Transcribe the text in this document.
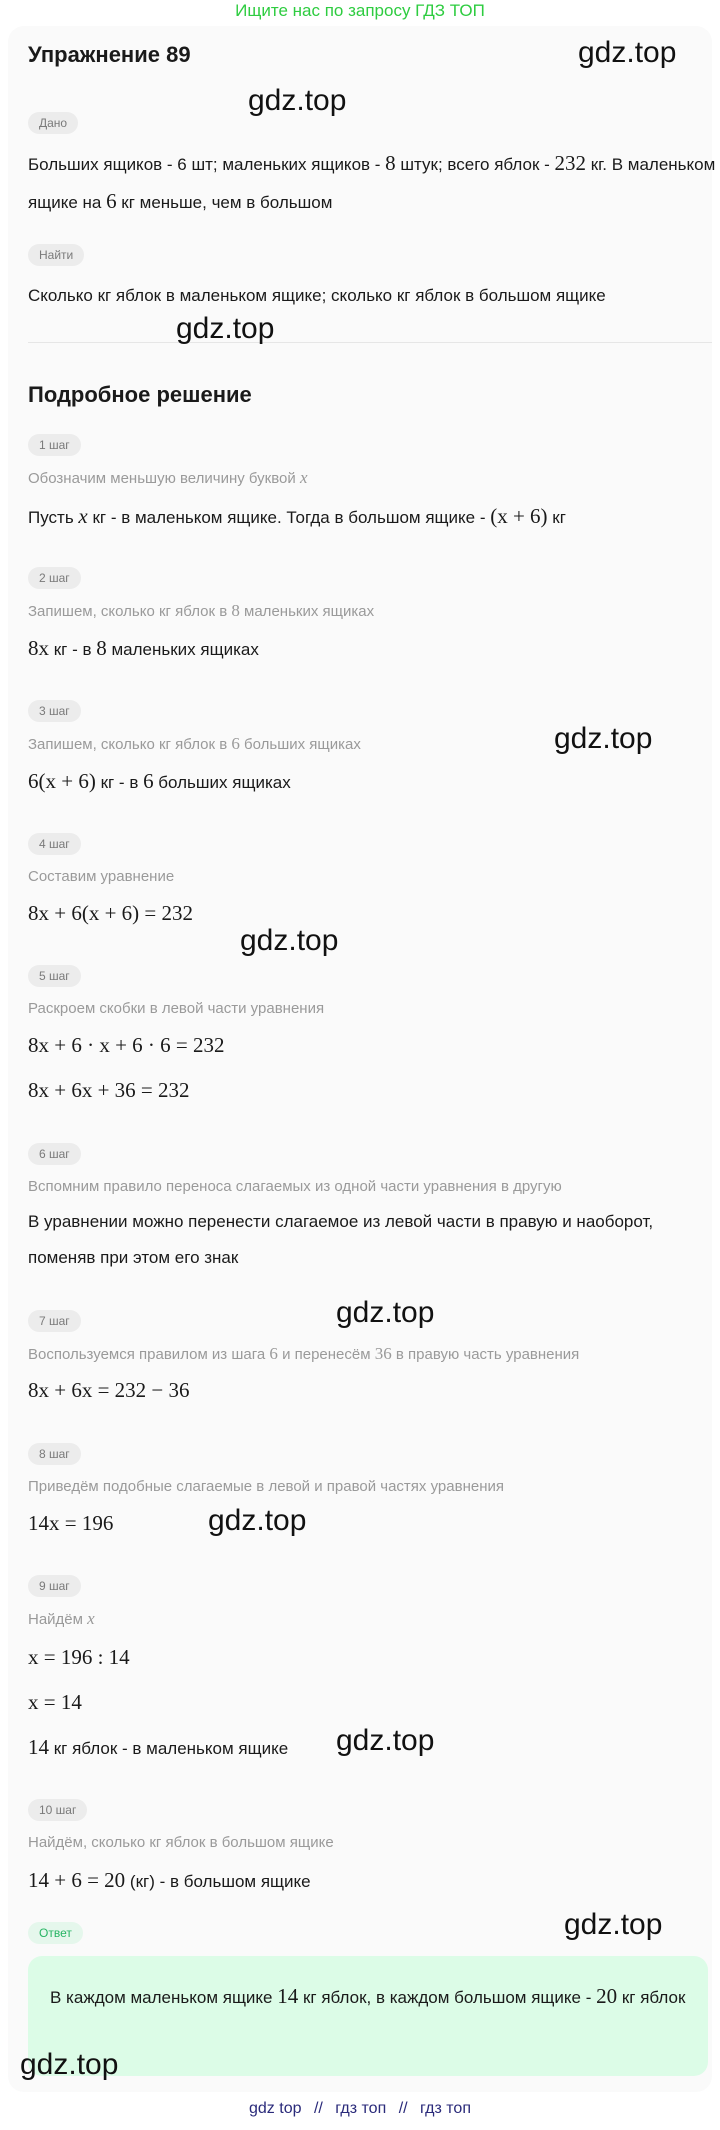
Ищите нас по запросу ГДЗ ТОП
Упражнение 89
Дано
Больших ящиков - 6 шт; маленьких ящиков - 8 штук; всего яблок - 232 кг. В маленьком ящике на 6 кг меньше, чем в большом
Найти
Сколько кг яблок в маленьком ящике; сколько кг яблок в большом ящике
Подробное решение
1 шаг
Обозначим меньшую величину буквой x
Пусть x кг - в маленьком ящике. Тогда в большом ящике - (x + 6) кг
2 шаг
Запишем, сколько кг яблок в 8 маленьких ящиках
8x кг - в 8 маленьких ящиках
3 шаг
Запишем, сколько кг яблок в 6 больших ящиках
6(x + 6) кг - в 6 больших ящиках
4 шаг
Составим уравнение
8x + 6(x + 6) = 232
5 шаг
Раскроем скобки в левой части уравнения
8x + 6 · x + 6 · 6 = 232
8x + 6x + 36 = 232
6 шаг
Вспомним правило переноса слагаемых из одной части уравнения в другую
В уравнении можно перенести слагаемое из левой части в правую и наоборот, поменяв при этом его знак
7 шаг
Воспользуемся правилом из шага 6 и перенесём 36 в правую часть уравнения
8x + 6x = 232 − 36
8 шаг
Приведём подобные слагаемые в левой и правой частях уравнения
14x = 196
9 шаг
Найдём x
x = 196 : 14
x = 14
14 кг яблок - в маленьком ящике
10 шаг
Найдём, сколько кг яблок в большом ящике
14 + 6 = 20 (кг) - в большом ящике
Ответ
В каждом маленьком ящике 14 кг яблок, в каждом большом ящике - 20 кг яблок
gdz.top
gdz.top
gdz.top
gdz.top
gdz.top
gdz.top
gdz.top
gdz.top
gdz.top
gdz.top
gdz top // гдз топ // гдз топ
